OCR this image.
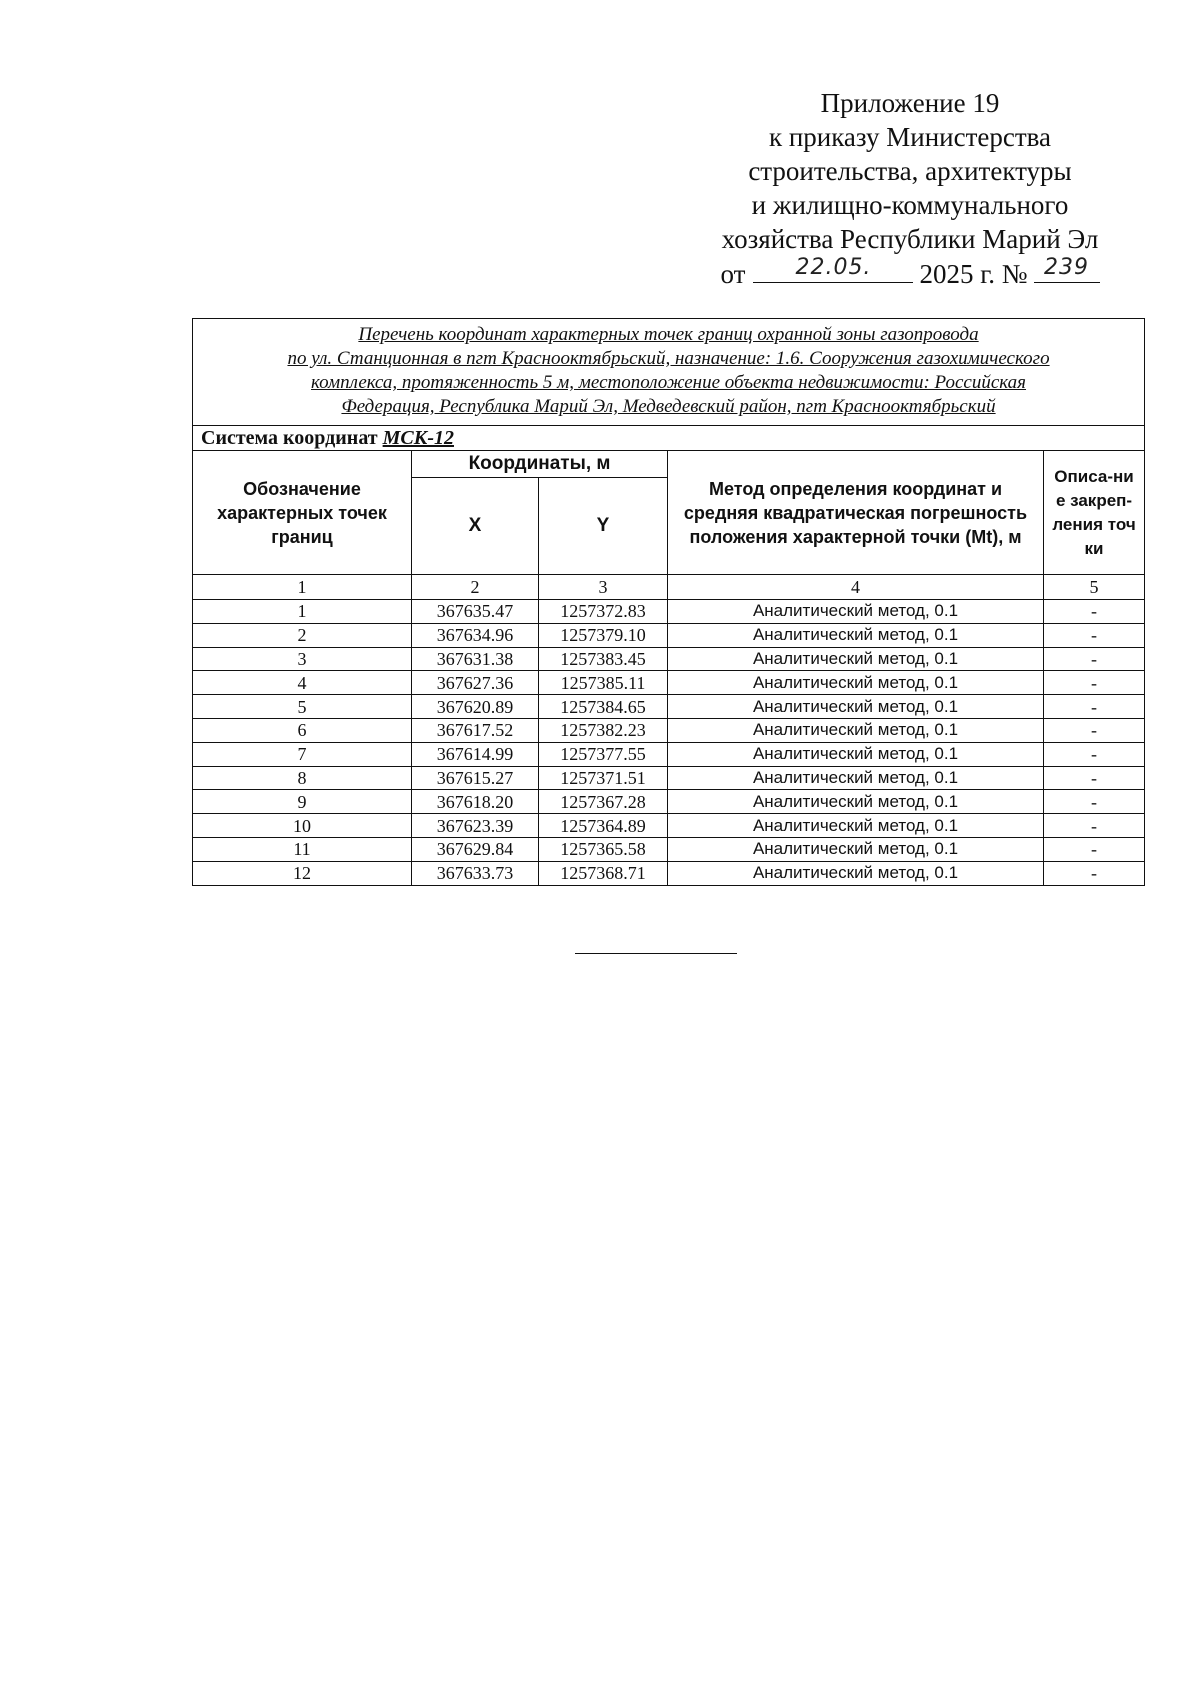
Приложение 19
к приказу Министерства
строительства, архитектуры
и жилищно-коммунального
хозяйства Республики Марий Эл
от	22.05.	2025 г. № 239
Перечень координат характерных точек границ охранной зоны газопровода
по ул. Станционная в пгт Краснооктябрьский, назначение: 1.6. Сооружения газохимического
комплекса, протяженность 5 м, местоположение объекта недвижимости: Российская
Федерация, Республика Марий Эл, Медведевский район, пгт Краснооктябрьский				

Система координат МСК-12				
Обозначение характерных точек границ	Координаты, м		Метод определения координат и средняя квадратическая погрешность положения характерной точки (Mt), м	Описа-ние закреп-ления точки
	X	Y		
1	2	3	4	5
1	367635.47	1257372.83	Аналитический метод, 0.1	-
2	367634.96	1257379.10	Аналитический метод, 0.1	-
3	367631.38	1257383.45	Аналитический метод, 0.1	-
4	367627.36	1257385.11	Аналитический метод, 0.1	-
5	367620.89	1257384.65	Аналитический метод, 0.1	-
6	367617.52	1257382.23	Аналитический метод, 0.1	-
7	367614.99	1257377.55	Аналитический метод, 0.1	-
8	367615.27	1257371.51	Аналитический метод, 0.1	-
9	367618.20	1257367.28	Аналитический метод, 0.1	-
10	367623.39	1257364.89	Аналитический метод, 0.1	-
11	367629.84	1257365.58	Аналитический метод, 0.1	-
12	367633.73	1257368.71	Аналитический метод, 0.1	-
